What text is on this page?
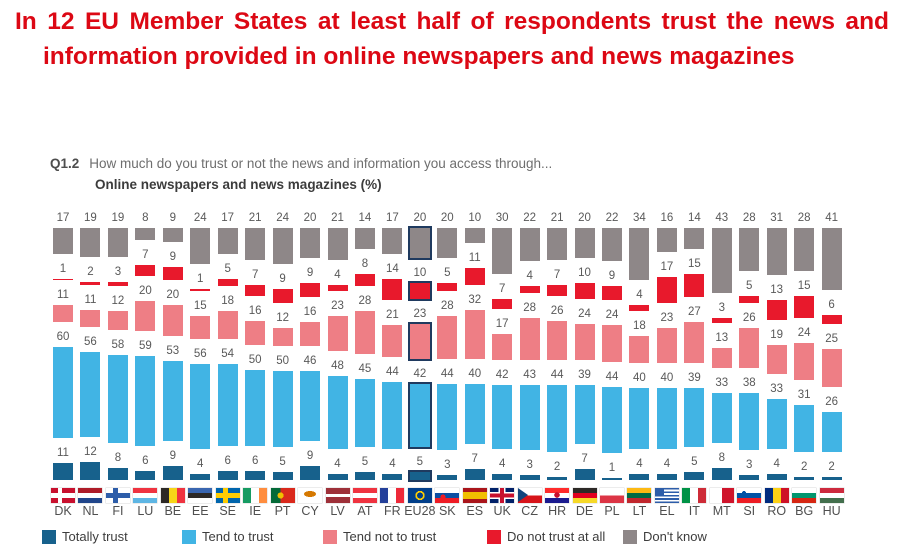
In 12 EU Member States at least half of respondents trust the news and information provided in online newspapers and news magazines
Q1.2 How much do you trust or not the news and information you access through...
Online newspapers and news magazines (%)
17
1
11
60
11
DK
19
2
11
56
12
NL
19
3
12
58
8
FI
8
7
20
59
6
LU
9
9
20
53
9
BE
24
1
15
56
4
EE
17
5
18
54
6
SE
21
7
16
50
6
IE
24
9
12
50
5
PT
20
9
16
46
9
CY
21
4
23
48
4
LV
14
8
28
45
5
AT
17
14
21
44
4
FR
20
10
23
42
5
EU28
20
5
28
44
3
SK
10
11
32
40
7
ES
30
7
17
42
4
UK
22
4
28
43
3
CZ
21
7
26
44
2
HR
20
10
24
39
7
DE
22
9
24
44
1
PL
34
4
18
40
4
LT
16
17
23
40
4
EL
14
15
27
39
5
IT
43
3
13
33
8
MT
28
5
26
38
3
SI
31
13
19
33
4
RO
28
15
24
31
2
BG
41
6
25
26
2
HU
Totally trust	Tend to trust	Tend not to trust	Do not trust at all	Don't know
